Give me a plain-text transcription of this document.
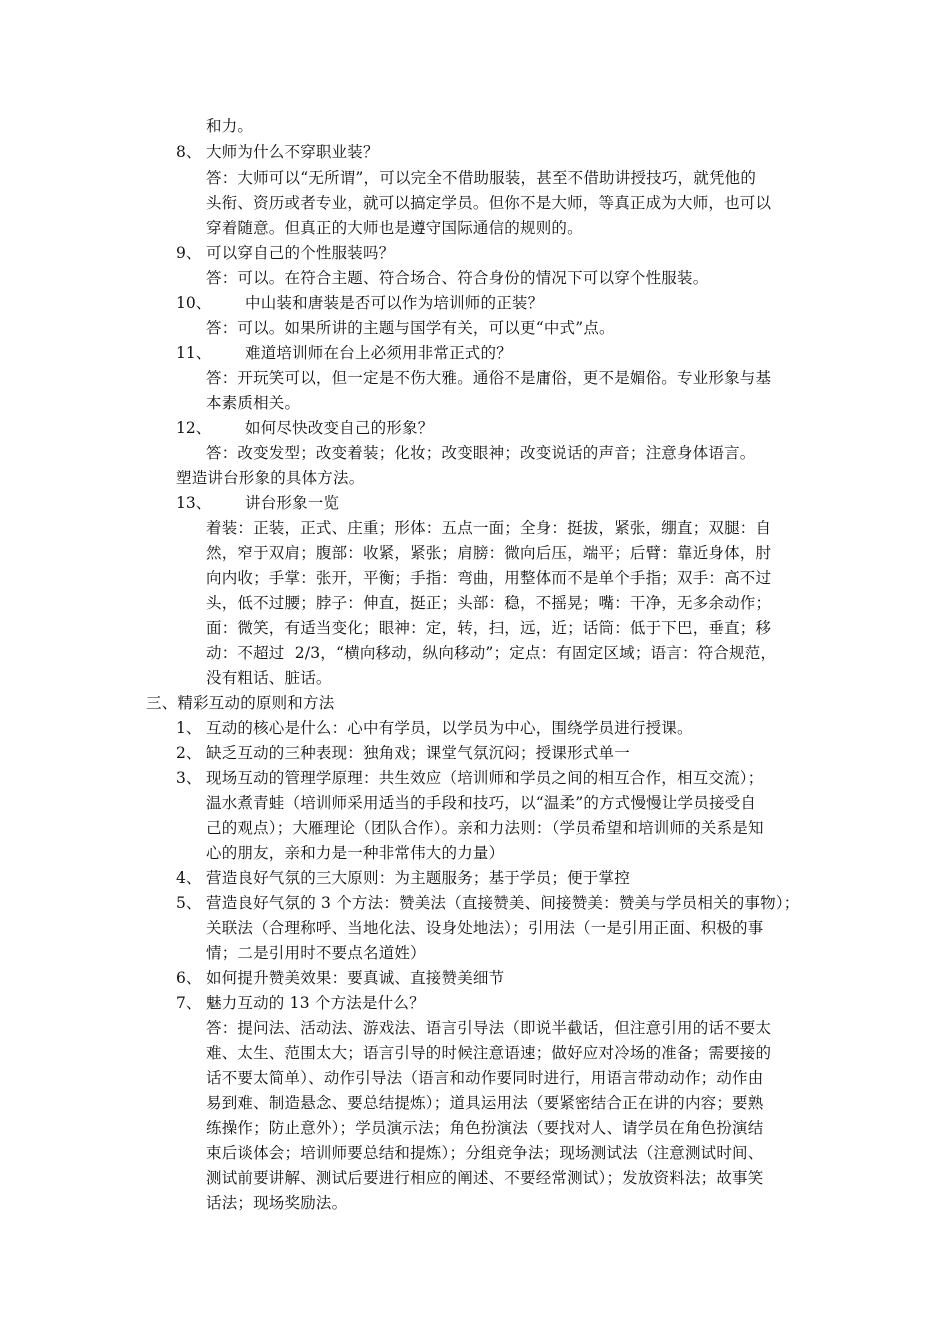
和力。
8、 大师为什么不穿职业装？
答：大师可以“无所谓”，可以完全不借助服装，甚至不借助讲授技巧，就凭他的
头衔、资历或者专业，就可以搞定学员。但你不是大师，等真正成为大师，也可以
穿着随意。但真正的大师也是遵守国际通信的规则的。
9、 可以穿自己的个性服装吗？
答：可以。在符合主题、符合场合、符合身份的情况下可以穿个性服装。
10、 中山装和唐装是否可以作为培训师的正装？
答：可以。如果所讲的主题与国学有关，可以更“中式”点。
11、 难道培训师在台上必须用非常正式的？
答：开玩笑可以，但一定是不伤大雅。通俗不是庸俗，更不是媚俗。专业形象与基
本素质相关。
12、 如何尽快改变自己的形象？
答：改变发型；改变着装；化妆；改变眼神；改变说话的声音；注意身体语言。
塑造讲台形象的具体方法。
13、 讲台形象一览
着装：正装，正式、庄重；形体：五点一面；全身：挺拔，紧张，绷直；双腿：自
然，窄于双肩；腹部：收紧，紧张；肩膀：微向后压，端平；后臂：靠近身体，肘
向内收；手掌：张开，平衡；手指：弯曲，用整体而不是单个手指；双手：高不过
头，低不过腰；脖子：伸直，挺正；头部：稳，不摇晃；嘴：干净，无多余动作；
面：微笑，有适当变化；眼神：定，转，扫，远，近；话筒：低于下巴，垂直；移
动：不超过  2/3，“横向移动，纵向移动”；定点：有固定区域；语言：符合规范，
没有粗话、脏话。
三、精彩互动的原则和方法
1、 互动的核心是什么：心中有学员，以学员为中心，围绕学员进行授课。
2、 缺乏互动的三种表现：独角戏；课堂气氛沉闷；授课形式单一
3、 现场互动的管理学原理：共生效应（培训师和学员之间的相互合作，相互交流）；
温水煮青蛙（培训师采用适当的手段和技巧，以“温柔”的方式慢慢让学员接受自
己的观点）；大雁理论（团队合作）。亲和力法则：（学员希望和培训师的关系是知
心的朋友，亲和力是一种非常伟大的力量）
4、 营造良好气氛的三大原则：为主题服务；基于学员；便于掌控
5、 营造良好气氛的 3 个方法：赞美法（直接赞美、间接赞美：赞美与学员相关的事物）；
关联法（合理称呼、当地化法、设身处地法）；引用法（一是引用正面、积极的事
情；二是引用时不要点名道姓）
6、 如何提升赞美效果：要真诚、直接赞美细节
7、 魅力互动的 13 个方法是什么？
答：提问法、活动法、游戏法、语言引导法（即说半截话，但注意引用的话不要太
难、太生、范围太大；语言引导的时候注意语速；做好应对冷场的准备；需要接的
话不要太简单）、动作引导法（语言和动作要同时进行，用语言带动动作；动作由
易到难、制造悬念、要总结提炼）；道具运用法（要紧密结合正在讲的内容；要熟
练操作；防止意外）；学员演示法；角色扮演法（要找对人、请学员在角色扮演结
束后谈体会；培训师要总结和提炼）；分组竞争法；现场测试法（注意测试时间、
测试前要讲解、测试后要进行相应的阐述、不要经常测试）；发放资料法；故事笑
话法；现场奖励法。
